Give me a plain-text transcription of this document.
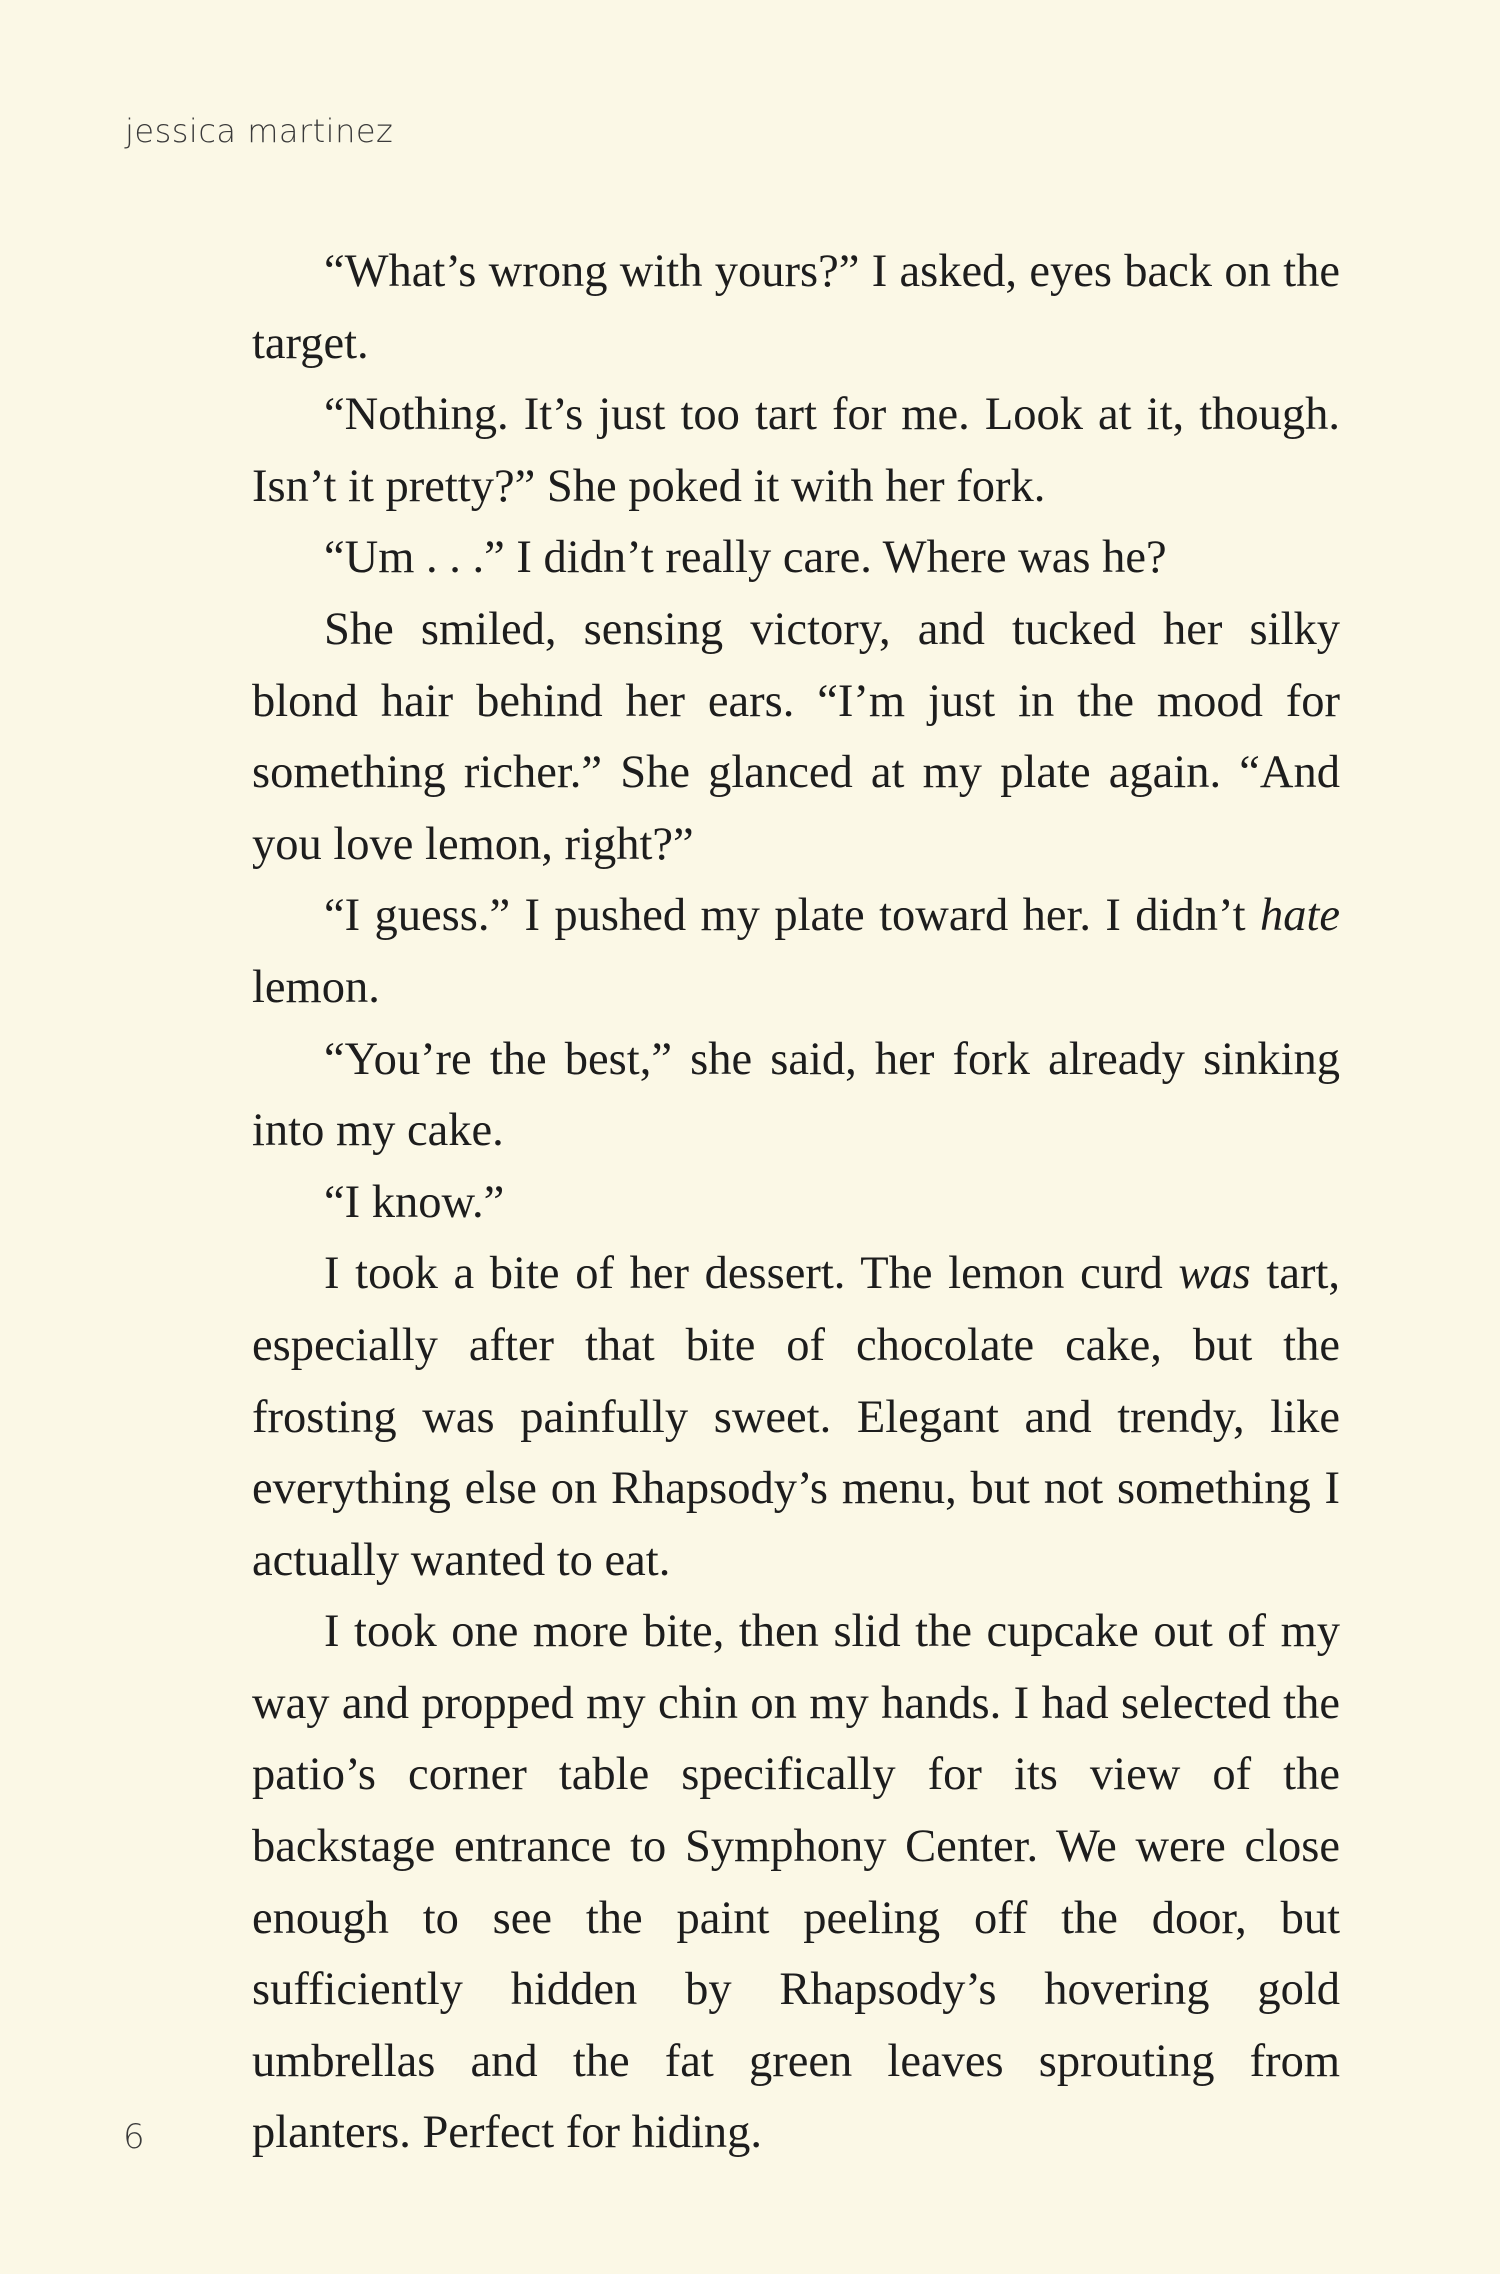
jessica martinez

“What’s wrong with yours?” I asked, eyes back on the target.

“Nothing. It’s just too tart for me. Look at it, though. Isn’t it pretty?” She poked it with her fork.

“Um . . .” I didn’t really care. Where was he?

She smiled, sensing victory, and tucked her silky blond hair behind her ears. “I’m just in the mood for something richer.” She glanced at my plate again. “And you love lemon, right?”

“I guess.” I pushed my plate toward her. I didn’t hate lemon.

“You’re the best,” she said, her fork already sinking into my cake.

“I know.”

I took a bite of her dessert. The lemon curd was tart, especially after that bite of chocolate cake, but the frosting was painfully sweet. Elegant and trendy, like everything else on Rhapsody’s menu, but not something I actually wanted to eat.

I took one more bite, then slid the cupcake out of my way and propped my chin on my hands. I had selected the patio’s corner table specifically for its view of the backstage entrance to Symphony Center. We were close enough to see the paint peeling off the door, but sufficiently hidden by Rhapsody’s hovering gold umbrellas and the fat green leaves sprouting from planters. Perfect for hiding.

6
